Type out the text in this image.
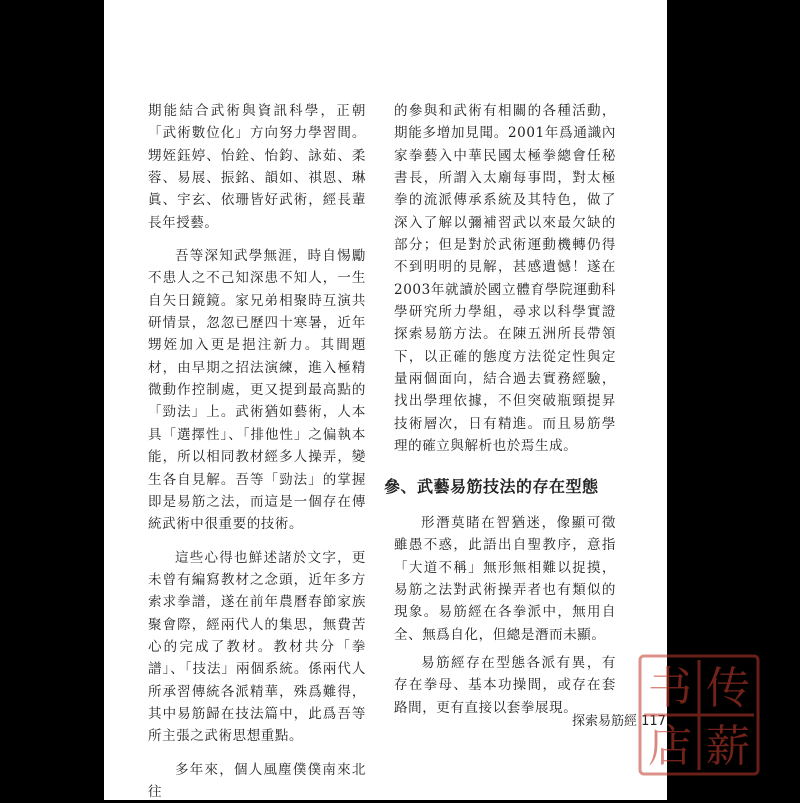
期能結合武術與資訊科學，正朝「武術數位化」方向努力學習間。甥姪鈺婷、怡銓、怡鈞、詠茹、柔蓉、易展、振銘、韻如、祺恩、琳眞、宇玄、依珊皆好武術，經長輩長年授藝。

吾等深知武學無涯，時自惕勵不患人之不己知深患不知人，一生自矢日鏡鏡。家兄弟相聚時互演共研情景，忽忽已歷四十寒暑，近年甥姪加入更是挹注新力。其間題材，由早期之招法演練，進入極精微動作控制處，更又提到最高點的「勁法」上。武術猶如藝術，人本具「選擇性」、「排他性」之偏執本能，所以相同教材經多人操弄，變生各自見解。吾等「勁法」的掌握即是易筋之法，而這是一個存在傳統武術中很重要的技術。

這些心得也鮮述諸於文字，更未曾有編寫教材之念頭，近年多方索求拳譜，遂在前年農曆春節家族聚會際，經兩代人的集思，無費苦心的完成了教材。教材共分「拳譜」、「技法」兩個系統。係兩代人所承習傳統各派精華，殊爲難得，其中易筋歸在技法篇中，此爲吾等所主張之武術思想重點。

多年來，個人風塵僕僕南來北往

的參與和武術有相關的各種活動，期能多增加見聞。2001年爲通識內家拳藝入中華民國太極拳總會任秘書長，所謂入太廟每事問，對太極拳的流派傳承系統及其特色，做了深入了解以彌補習武以來最欠缺的部分；但是對於武術運動機轉仍得不到明明的見解，甚感遺憾！遂在2003年就讀於國立體育學院運動科學研究所力學組，尋求以科學實證探索易筋方法。在陳五洲所長帶領下，以正確的態度方法從定性與定量兩個面向，結合過去實務經驗，找出學理依據，不但突破瓶頸提昇技術層次，日有精進。而且易筋學理的確立與解析也於焉生成。

參、武藝易筋技法的存在型態

形潛莫睹在智猶迷，像顯可徵雖愚不惑，此語出自聖教序，意指「大道不稱」無形無相難以捉摸，易筋之法對武術操弄者也有類似的現象。易筋經在各拳派中，無用自全、無爲自化，但總是潛而未顯。

易筋經存在型態各派有異，有存在拳母、基本功操間，或存在套路間，更有直接以套拳展現。

探索易筋經 117
书 传
店 薪
